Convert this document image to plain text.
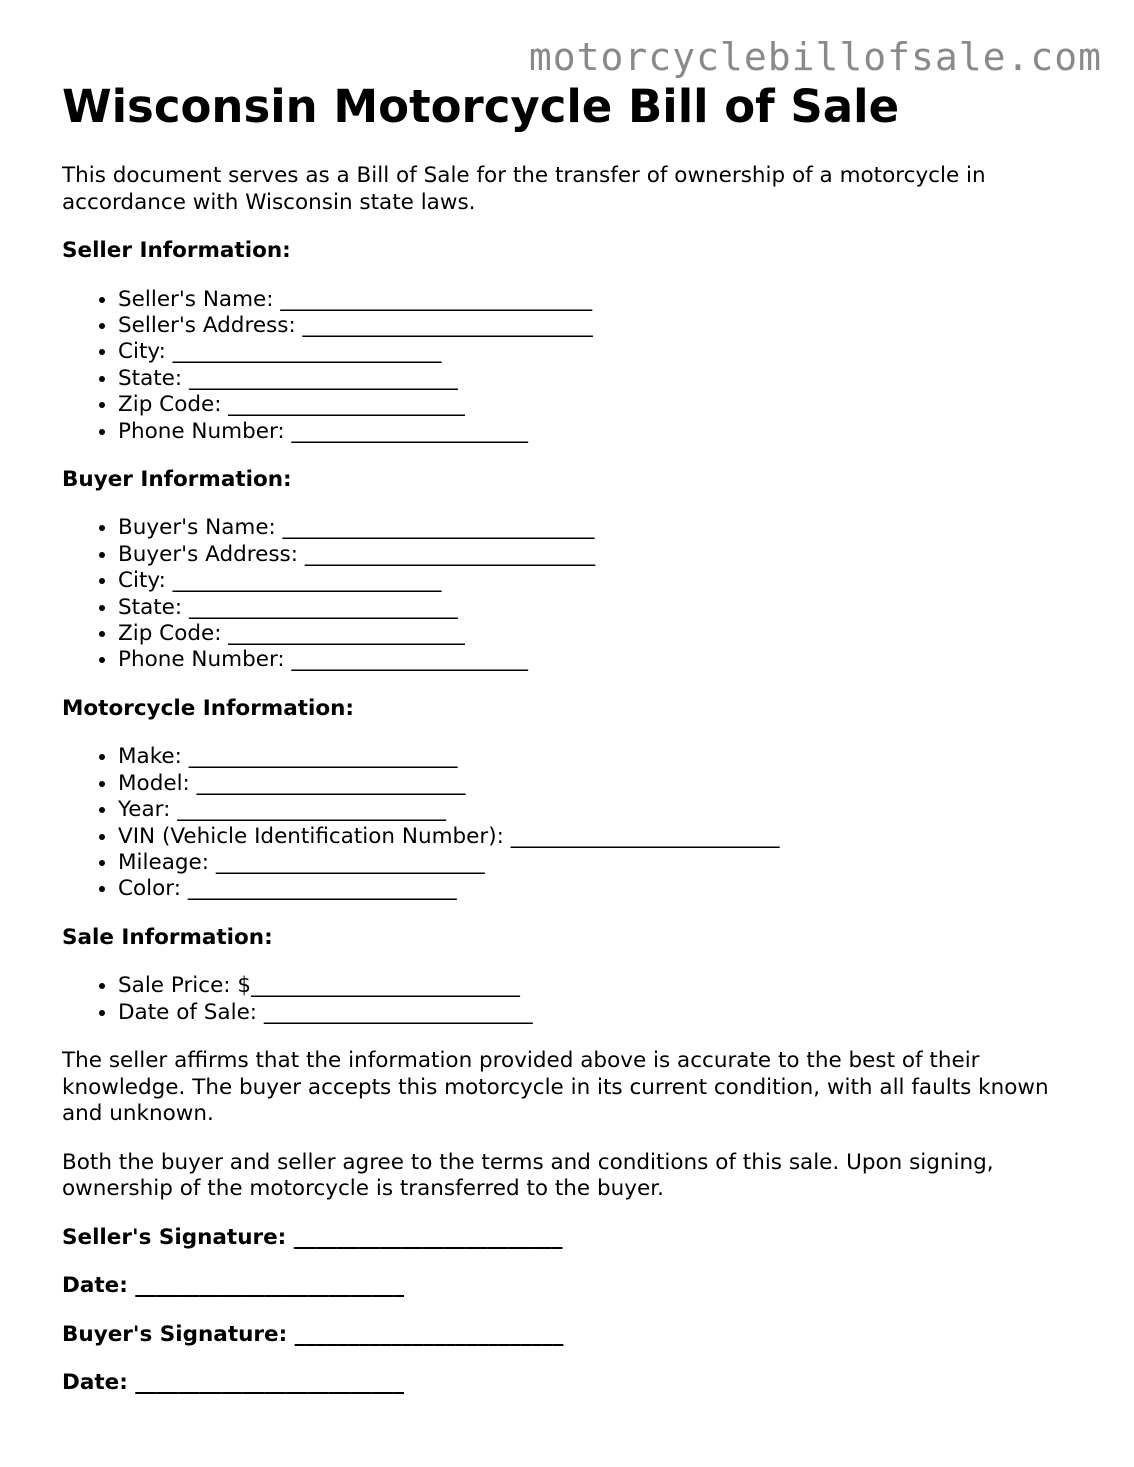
motorcyclebillofsale.com
Wisconsin Motorcycle Bill of Sale

This document serves as a Bill of Sale for the transfer of ownership of a motorcycle in accordance with Wisconsin state laws.

Seller Information:
• Seller's Name: _____________________________
• Seller's Address: ___________________________
• City: _________________________
• State: _________________________
• Zip Code: ______________________
• Phone Number: ______________________
Buyer Information:
• Buyer's Name: _____________________________
• Buyer's Address: ___________________________
• City: _________________________
• State: _________________________
• Zip Code: ______________________
• Phone Number: ______________________
Motorcycle Information:
• Make: _________________________
• Model: _________________________
• Year: _________________________
• VIN (Vehicle Identification Number): _________________________
• Mileage: _________________________
• Color: _________________________
Sale Information:
• Sale Price: $_________________________
• Date of Sale: _________________________

The seller affirms that the information provided above is accurate to the best of their knowledge. The buyer accepts this motorcycle in its current condition, with all faults known and unknown.

Both the buyer and seller agree to the terms and conditions of this sale. Upon signing, ownership of the motorcycle is transferred to the buyer.

Seller's Signature: _________________________
Date: _________________________
Buyer's Signature: _________________________
Date: _________________________
